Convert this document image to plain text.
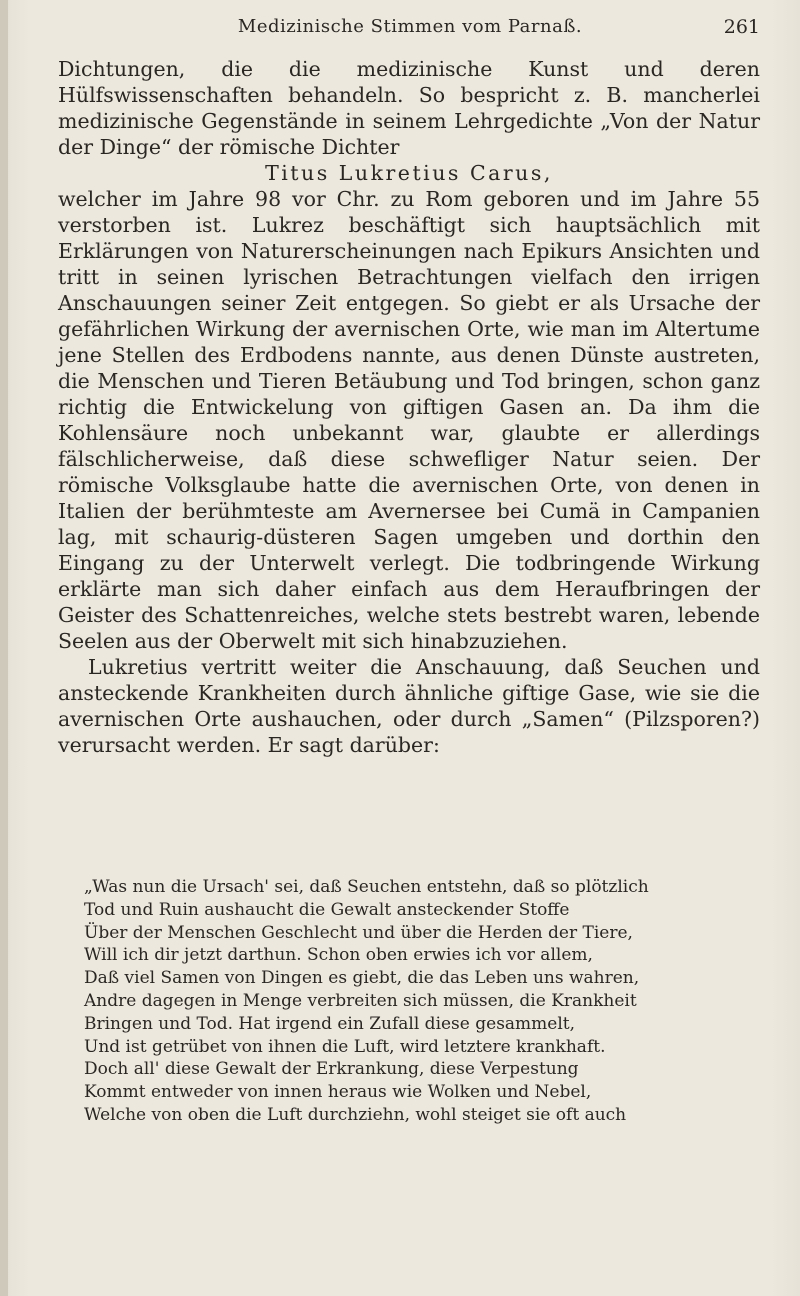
Medizinische Stimmen vom Parnaß.	261

Dichtungen, die die medizinische Kunst und deren Hülfswissenschaften behandeln. So bespricht z. B. mancherlei medizinische Gegenstände in seinem Lehrgedichte „Von der Natur der Dinge“ der römische Dichter

Titus Lukretius Carus,

welcher im Jahre 98 vor Chr. zu Rom geboren und im Jahre 55 verstorben ist. Lukrez beschäftigt sich hauptsächlich mit Erklärungen von Naturerscheinungen nach Epikurs Ansichten und tritt in seinen lyrischen Betrachtungen vielfach den irrigen Anschauungen seiner Zeit entgegen. So giebt er als Ursache der gefährlichen Wirkung der avernischen Orte, wie man im Altertume jene Stellen des Erdbodens nannte, aus denen Dünste austreten, die Menschen und Tieren Betäubung und Tod bringen, schon ganz richtig die Entwickelung von giftigen Gasen an. Da ihm die Kohlensäure noch unbekannt war, glaubte er allerdings fälschlicherweise, daß diese schwefliger Natur seien. Der römische Volksglaube hatte die avernischen Orte, von denen in Italien der berühmteste am Avernersee bei Cumä in Campanien lag, mit schaurig-düsteren Sagen umgeben und dorthin den Eingang zu der Unterwelt verlegt. Die todbringende Wirkung erklärte man sich daher einfach aus dem Heraufbringen der Geister des Schattenreiches, welche stets bestrebt waren, lebende Seelen aus der Oberwelt mit sich hinabzuziehen.

Lukretius vertritt weiter die Anschauung, daß Seuchen und ansteckende Krankheiten durch ähnliche giftige Gase, wie sie die avernischen Orte aushauchen, oder durch „Samen“ (Pilzsporen?) verursacht werden. Er sagt darüber:

„Was nun die Ursach' sei, daß Seuchen entstehn, daß so plötzlich
Tod und Ruin aushaucht die Gewalt ansteckender Stoffe
Über der Menschen Geschlecht und über die Herden der Tiere,
Will ich dir jetzt darthun. Schon oben erwies ich vor allem,
Daß viel Samen von Dingen es giebt, die das Leben uns wahren,
Andre dagegen in Menge verbreiten sich müssen, die Krankheit
Bringen und Tod. Hat irgend ein Zufall diese gesammelt,
Und ist getrübet von ihnen die Luft, wird letztere krankhaft.
Doch all' diese Gewalt der Erkrankung, diese Verpestung
Kommt entweder von innen heraus wie Wolken und Nebel,
Welche von oben die Luft durchziehn, wohl steiget sie oft auch
